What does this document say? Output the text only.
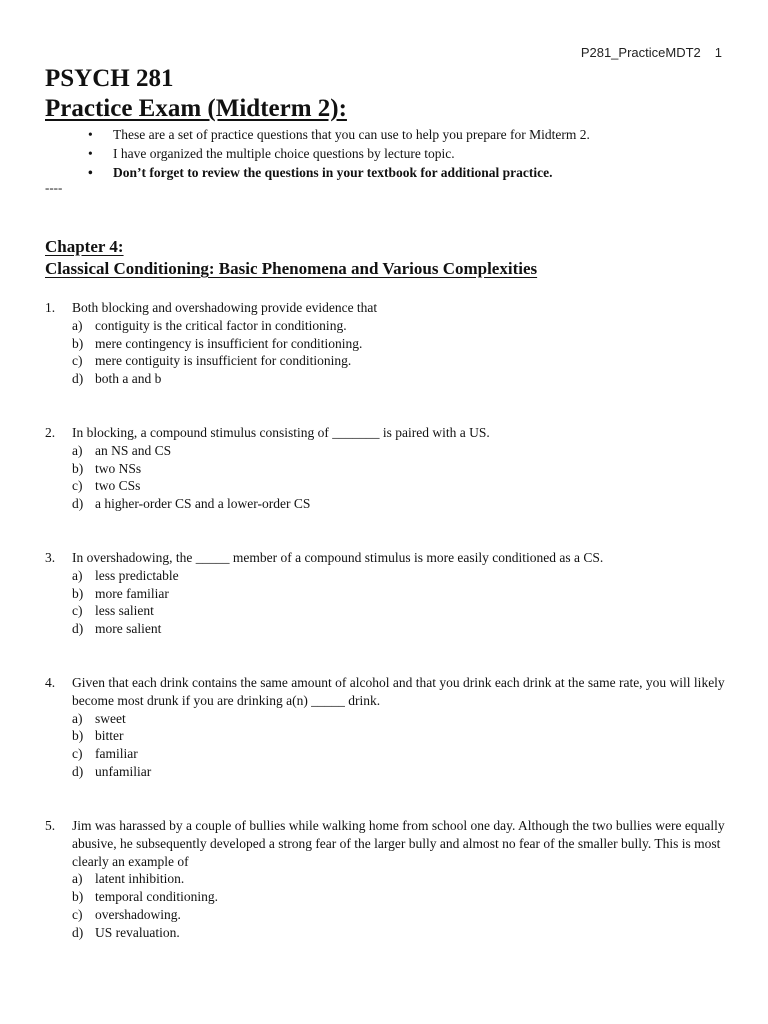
P281_PracticeMDT2 1
PSYCH 281
Practice Exam (Midterm 2):
• These are a set of practice questions that you can use to help you prepare for Midterm 2.
• I have organized the multiple choice questions by lecture topic.
• Don’t forget to review the questions in your textbook for additional practice.
----
Chapter 4:
Classical Conditioning: Basic Phenomena and Various Complexities
1. Both blocking and overshadowing provide evidence that
a) contiguity is the critical factor in conditioning.
b) mere contingency is insufficient for conditioning.
c) mere contiguity is insufficient for conditioning.
d) both a and b
2. In blocking, a compound stimulus consisting of _______ is paired with a US.
a) an NS and CS
b) two NSs
c) two CSs
d) a higher-order CS and a lower-order CS
3. In overshadowing, the _____ member of a compound stimulus is more easily conditioned as a CS.
a) less predictable
b) more familiar
c) less salient
d) more salient
4. Given that each drink contains the same amount of alcohol and that you drink each drink at the same rate, you will likely become most drunk if you are drinking a(n) _____ drink.
a) sweet
b) bitter
c) familiar
d) unfamiliar
5. Jim was harassed by a couple of bullies while walking home from school one day. Although the two bullies were equally abusive, he subsequently developed a strong fear of the larger bully and almost no fear of the smaller bully. This is most clearly an example of
a) latent inhibition.
b) temporal conditioning.
c) overshadowing.
d) US revaluation.
